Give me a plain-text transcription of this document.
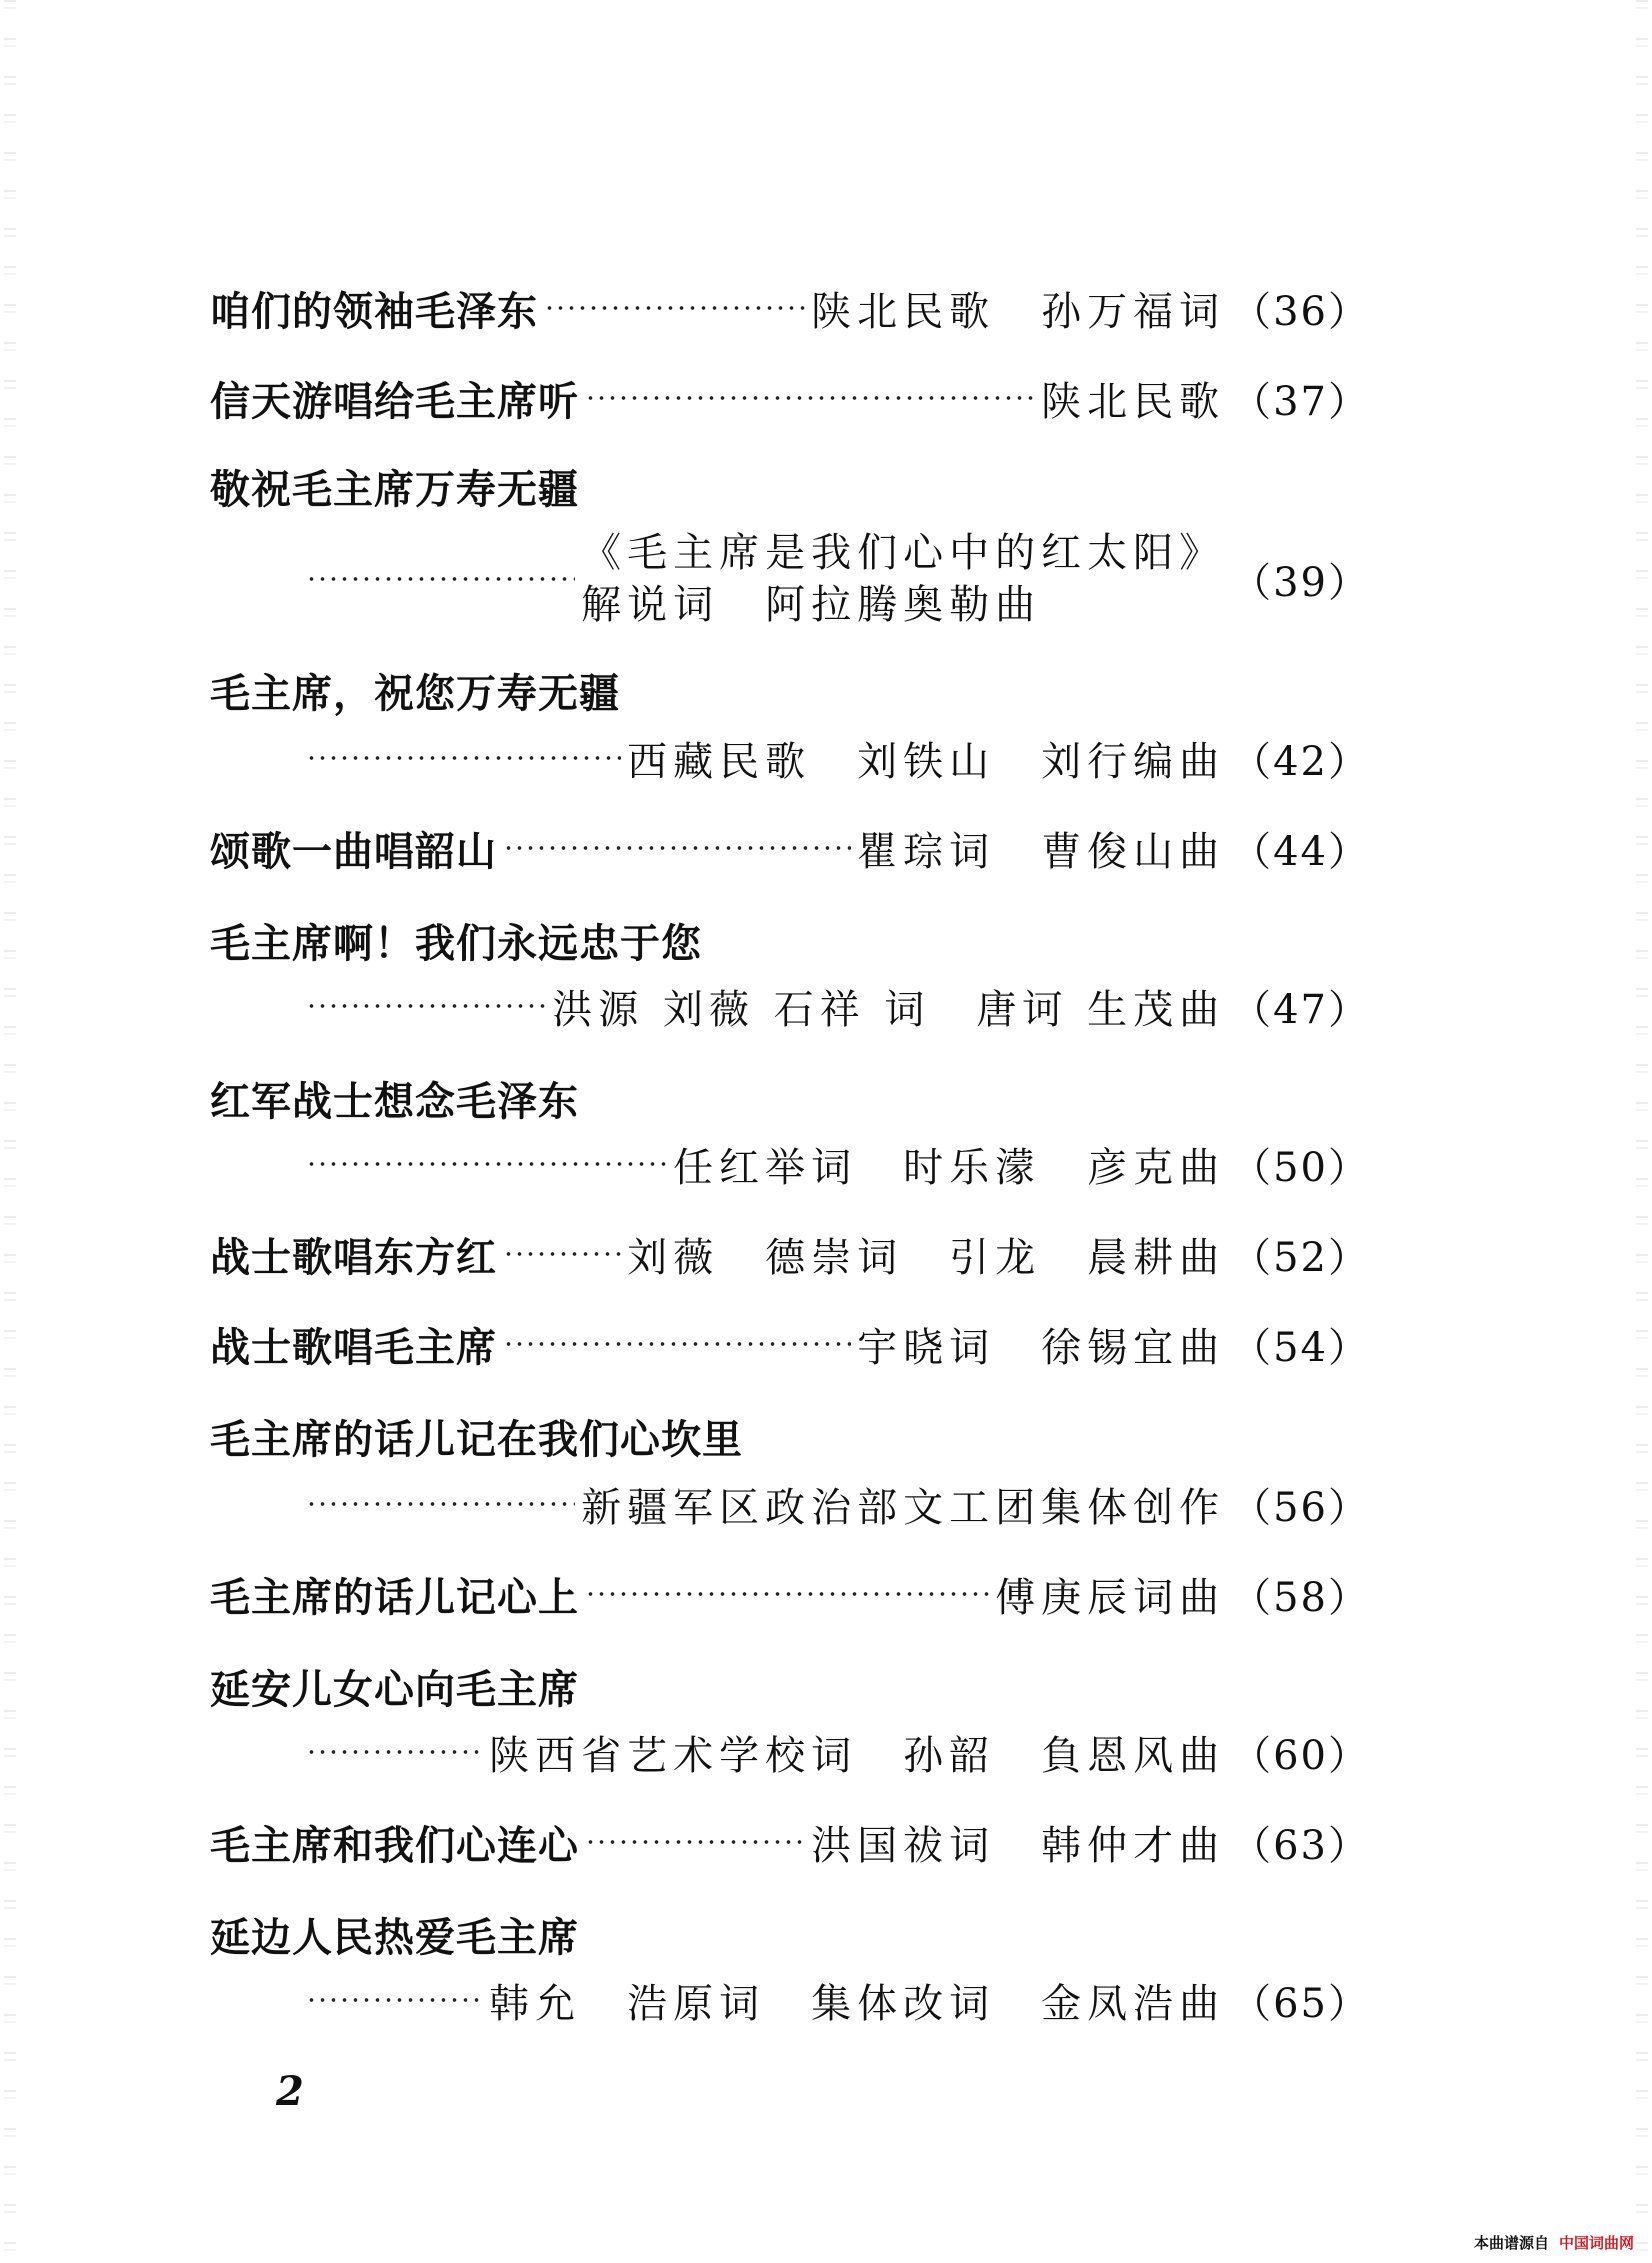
咱们的领袖毛泽东	陕北民歌　孙万福词 （36）
信天游唱给毛主席听	陕北民歌 （37）
敬祝毛主席万寿无疆
《毛主席是我们心中的红太阳》
解说词　阿拉腾奥勒曲	（39）
毛主席，祝您万寿无疆
西藏民歌　刘铁山　刘行编曲 （42）
颂歌一曲唱韶山	瞿琮词　曹俊山曲 （44）
毛主席啊！我们永远忠于您
洪源 刘薇 石祥 词　唐诃 生茂曲 （47）
红军战士想念毛泽东
任红举词　时乐濛　彦克曲 （50）
战士歌唱东方红	刘薇　德崇词　引龙　晨耕曲 （52）
战士歌唱毛主席	宇晓词　徐锡宜曲 （54）
毛主席的话儿记在我们心坎里
新疆军区政治部文工团集体创作 （56）
毛主席的话儿记心上	傅庚辰词曲 （58）
延安儿女心向毛主席
陕西省艺术学校词　孙韶　負恩风曲 （60）
毛主席和我们心连心	洪国祓词　韩仲才曲 （63）
延边人民热爱毛主席
韩允　浩原词　集体改词　金凤浩曲 （65）
2
本曲谱源自 中国词曲网
